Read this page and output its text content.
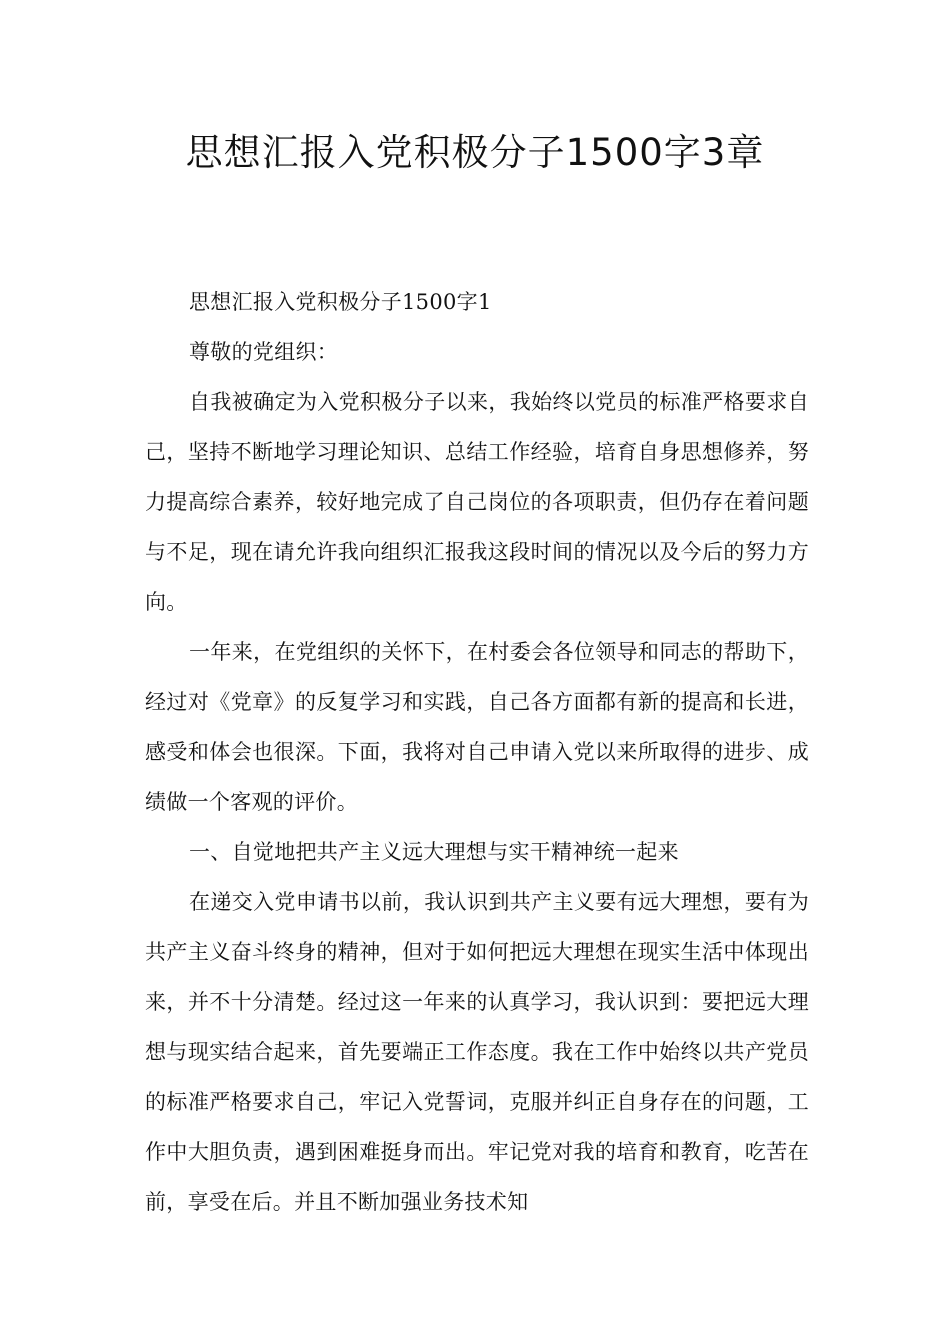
思想汇报入党积极分子1500字3章

思想汇报入党积极分子1500字1

尊敬的党组织：

自我被确定为入党积极分子以来，我始终以党员的标准严格要求自己，坚持不断地学习理论知识、总结工作经验，培育自身思想修养，努力提高综合素养，较好地完成了自己岗位的各项职责，但仍存在着问题与不足，现在请允许我向组织汇报我这段时间的情况以及今后的努力方向。

一年来，在党组织的关怀下，在村委会各位领导和同志的帮助下，经过对《党章》的反复学习和实践，自己各方面都有新的提高和长进，感受和体会也很深。下面，我将对自己申请入党以来所取得的进步、成绩做一个客观的评价。

一、自觉地把共产主义远大理想与实干精神统一起来

在递交入党申请书以前，我认识到共产主义要有远大理想，要有为共产主义奋斗终身的精神，但对于如何把远大理想在现实生活中体现出来，并不十分清楚。经过这一年来的认真学习，我认识到：要把远大理想与现实结合起来，首先要端正工作态度。我在工作中始终以共产党员的标准严格要求自己，牢记入党誓词，克服并纠正自身存在的问题，工作中大胆负责，遇到困难挺身而出。牢记党对我的培育和教育，吃苦在前，享受在后。并且不断加强业务技术知
